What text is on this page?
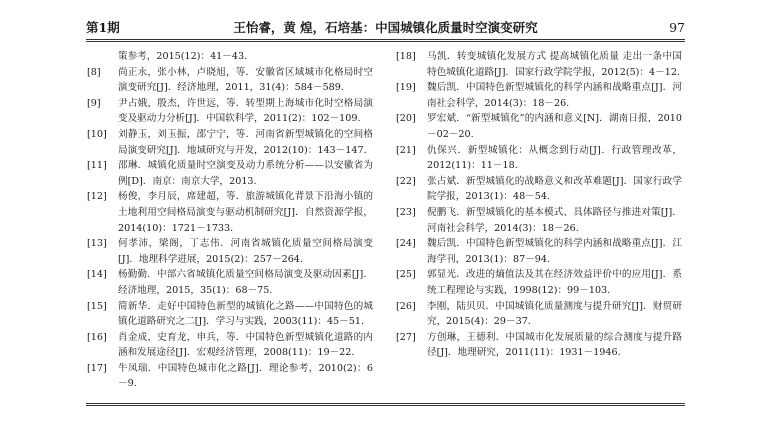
第1期	王怡睿，黄 煌，石培基：中国城镇化质量时空演变研究	97
策参考，2015(12)：41－43.
[8]	尚正永，张小林，卢晓旭，等．安徽省区域城市化格局时空演变研究[J]．经济地理，2011，31(4)：584－589.
[9]	尹占娥，殷杰，许世远，等．转型期上海城市化时空格局演变及驱动力分析[J]．中国软科学，2011(2)：102－109.
[10]	刘静玉，刘玉振，邵宁宁，等．河南省新型城镇化的空间格局演变研究[J]．地域研究与开发，2012(10)：143－147.
[11]	邵琳．城镇化质量时空演变及动力系统分析——以安徽省为例[D]．南京：南京大学，2013.
[12]	杨俊，李月辰，席建超，等．旅游城镇化背景下沿海小镇的土地利用空间格局演变与驱动机制研究[J]．自然资源学报，2014(10)：1721－1733.
[13]	何孝沛，梁阁，丁志伟．河南省城镇化质量空间格局演变[J]．地理科学进展，2015(2)：257－264.
[14]	杨勤勤．中部六省城镇化质量空间格局演变及驱动因素[J]．经济地理，2015，35(1)：68－75.
[15]	简新华．走好中国特色新型的城镇化之路——中国特色的城镇化道路研究之二[J]．学习与实践，2003(11)：45－51.
[16]	肖金成，史育龙，申兵，等．中国特色新型城镇化道路的内涵和发展途径[J]．宏观经济管理，2008(11)：19－22.
[17]	牛凤瑞．中国特色城市化之路[J]．理论参考，2010(2)：6－9.
[18]	马凯．转变城镇化发展方式 提高城镇化质量 走出一条中国特色城镇化道路[J]．国家行政学院学报，2012(5)：4－12.
[19]	魏后凯．中国特色新型城镇化的科学内涵和战略重点[J]．河南社会科学，2014(3)：18－26.
[20]	罗宏斌．“新型城镇化”的内涵和意义[N]．湖南日报，2010－02－20.
[21]	仇保兴．新型城镇化：从概念到行动[J]．行政管理改革，2012(11)：11－18.
[22]	张占斌．新型城镇化的战略意义和改革难题[J]．国家行政学院学报，2013(1)：48－54.
[23]	倪鹏飞．新型城镇化的基本模式、具体路径与推进对策[J]．河南社会科学，2014(3)：18－26.
[24]	魏后凯．中国特色新型城镇化的科学内涵和战略重点[J]．江海学刊，2013(1)：87－94.
[25]	郭显光．改进的熵值法及其在经济效益评价中的应用[J]．系统工程理论与实践，1998(12)：99－103.
[26]	李刚，陆贝贝．中国城镇化质量测度与提升研究[J]．财贸研究，2015(4)：29－37.
[27]	方创琳，王德利．中国城市化发展质量的综合测度与提升路径[J]．地理研究，2011(11)：1931－1946.
